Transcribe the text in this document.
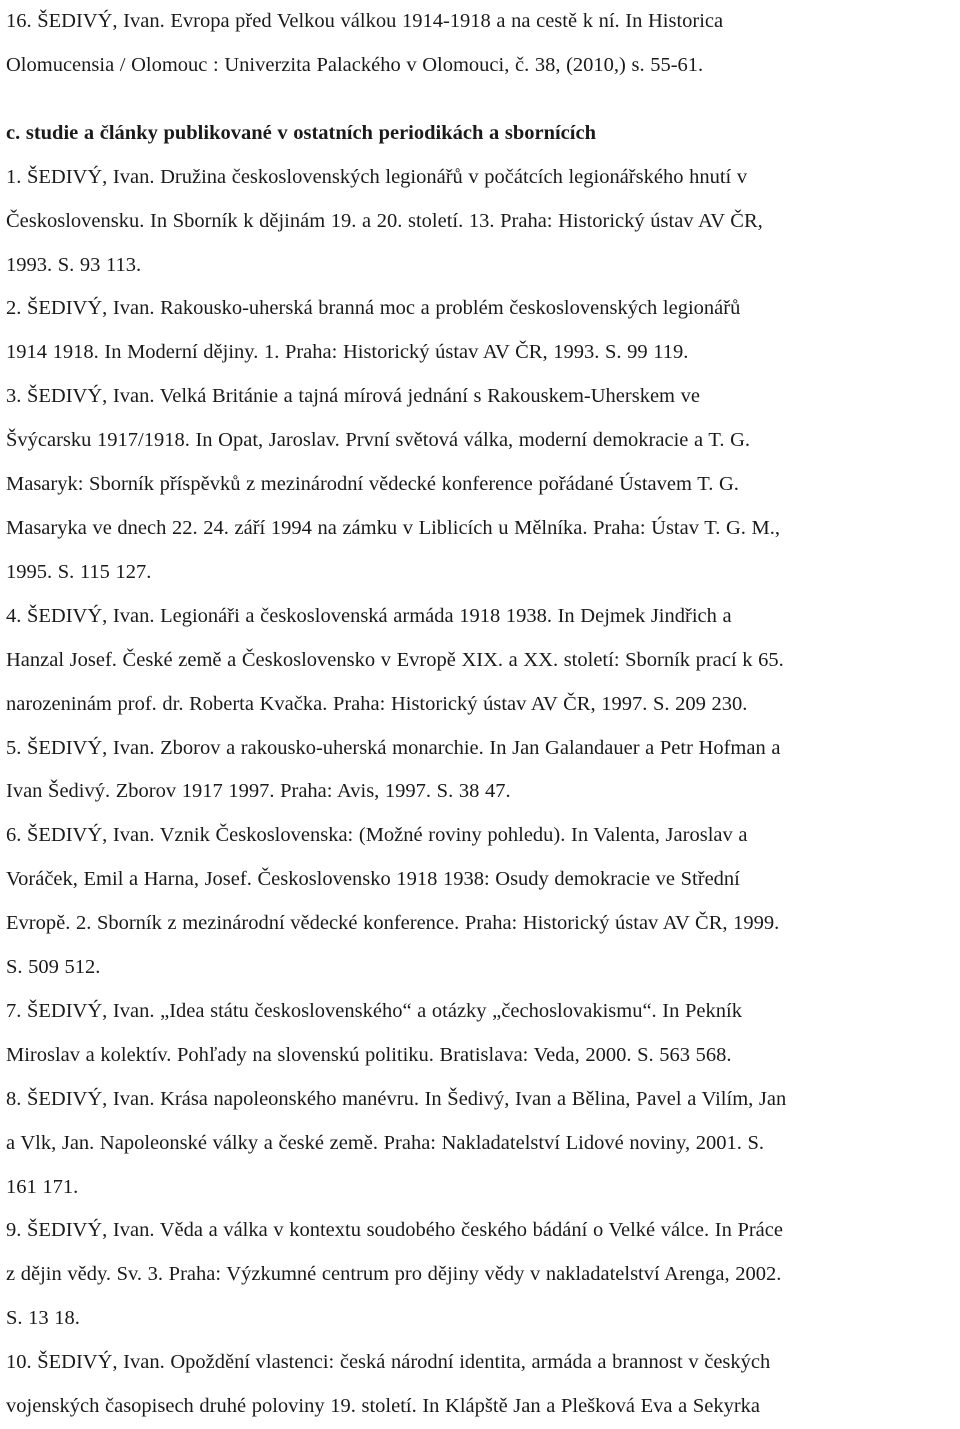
16. ŠEDIVÝ, Ivan. Evropa před Velkou válkou 1914-1918 a na cestě k ní. In Historica
Olomucensia / Olomouc : Univerzita Palackého v Olomouci, č. 38, (2010,) s. 55-61.
c. studie a články publikované v ostatních periodikách a sbornících
1. ŠEDIVÝ, Ivan. Družina československých legionářů v počátcích legionářského hnutí v
Československu. In Sborník k dějinám 19. a 20. století. 13. Praha: Historický ústav AV ČR,
1993. S. 93 113.
2. ŠEDIVÝ, Ivan. Rakousko-uherská branná moc a problém československých legionářů
1914 1918. In Moderní dějiny. 1. Praha: Historický ústav AV ČR, 1993. S. 99 119.
3. ŠEDIVÝ, Ivan. Velká Británie a tajná mírová jednání s Rakouskem-Uherskem ve
Švýcarsku 1917/1918. In Opat, Jaroslav. První světová válka, moderní demokracie a T. G.
Masaryk: Sborník příspěvků z mezinárodní vědecké konference pořádané Ústavem T. G.
Masaryka ve dnech 22. 24. září 1994 na zámku v Liblicích u Mělníka. Praha: Ústav T. G. M.,
1995. S. 115 127.
4. ŠEDIVÝ, Ivan. Legionáři a československá armáda 1918 1938. In Dejmek Jindřich a
Hanzal Josef. České země a Československo v Evropě XIX. a XX. století: Sborník prací k 65.
narozeninám prof. dr. Roberta Kvačka. Praha: Historický ústav AV ČR, 1997. S. 209 230.
5. ŠEDIVÝ, Ivan. Zborov a rakousko-uherská monarchie. In Jan Galandauer a Petr Hofman a
Ivan Šedivý. Zborov 1917 1997. Praha: Avis, 1997. S. 38 47.
6. ŠEDIVÝ, Ivan. Vznik Československa: (Možné roviny pohledu). In Valenta, Jaroslav a
Voráček, Emil a Harna, Josef. Československo 1918 1938: Osudy demokracie ve Střední
Evropě. 2. Sborník z mezinárodní vědecké konference. Praha: Historický ústav AV ČR, 1999.
S. 509 512.
7. ŠEDIVÝ, Ivan. „Idea státu československého“ a otázky „čechoslovakismu“. In Pekník
Miroslav a kolektív. Pohľady na slovenskú politiku. Bratislava: Veda, 2000. S. 563 568.
8. ŠEDIVÝ, Ivan. Krása napoleonského manévru. In Šedivý, Ivan a Bělina, Pavel a Vilím, Jan
a Vlk, Jan. Napoleonské války a české země. Praha: Nakladatelství Lidové noviny, 2001. S.
161 171.
9. ŠEDIVÝ, Ivan. Věda a válka v kontextu soudobého českého bádání o Velké válce. In Práce
z dějin vědy. Sv. 3. Praha: Výzkumné centrum pro dějiny vědy v nakladatelství Arenga, 2002.
S. 13 18.
10. ŠEDIVÝ, Ivan. Opoždění vlastenci: česká národní identita, armáda a brannost v českých
vojenských časopisech druhé poloviny 19. století. In Klápště Jan a Plešková Eva a Sekyrka
